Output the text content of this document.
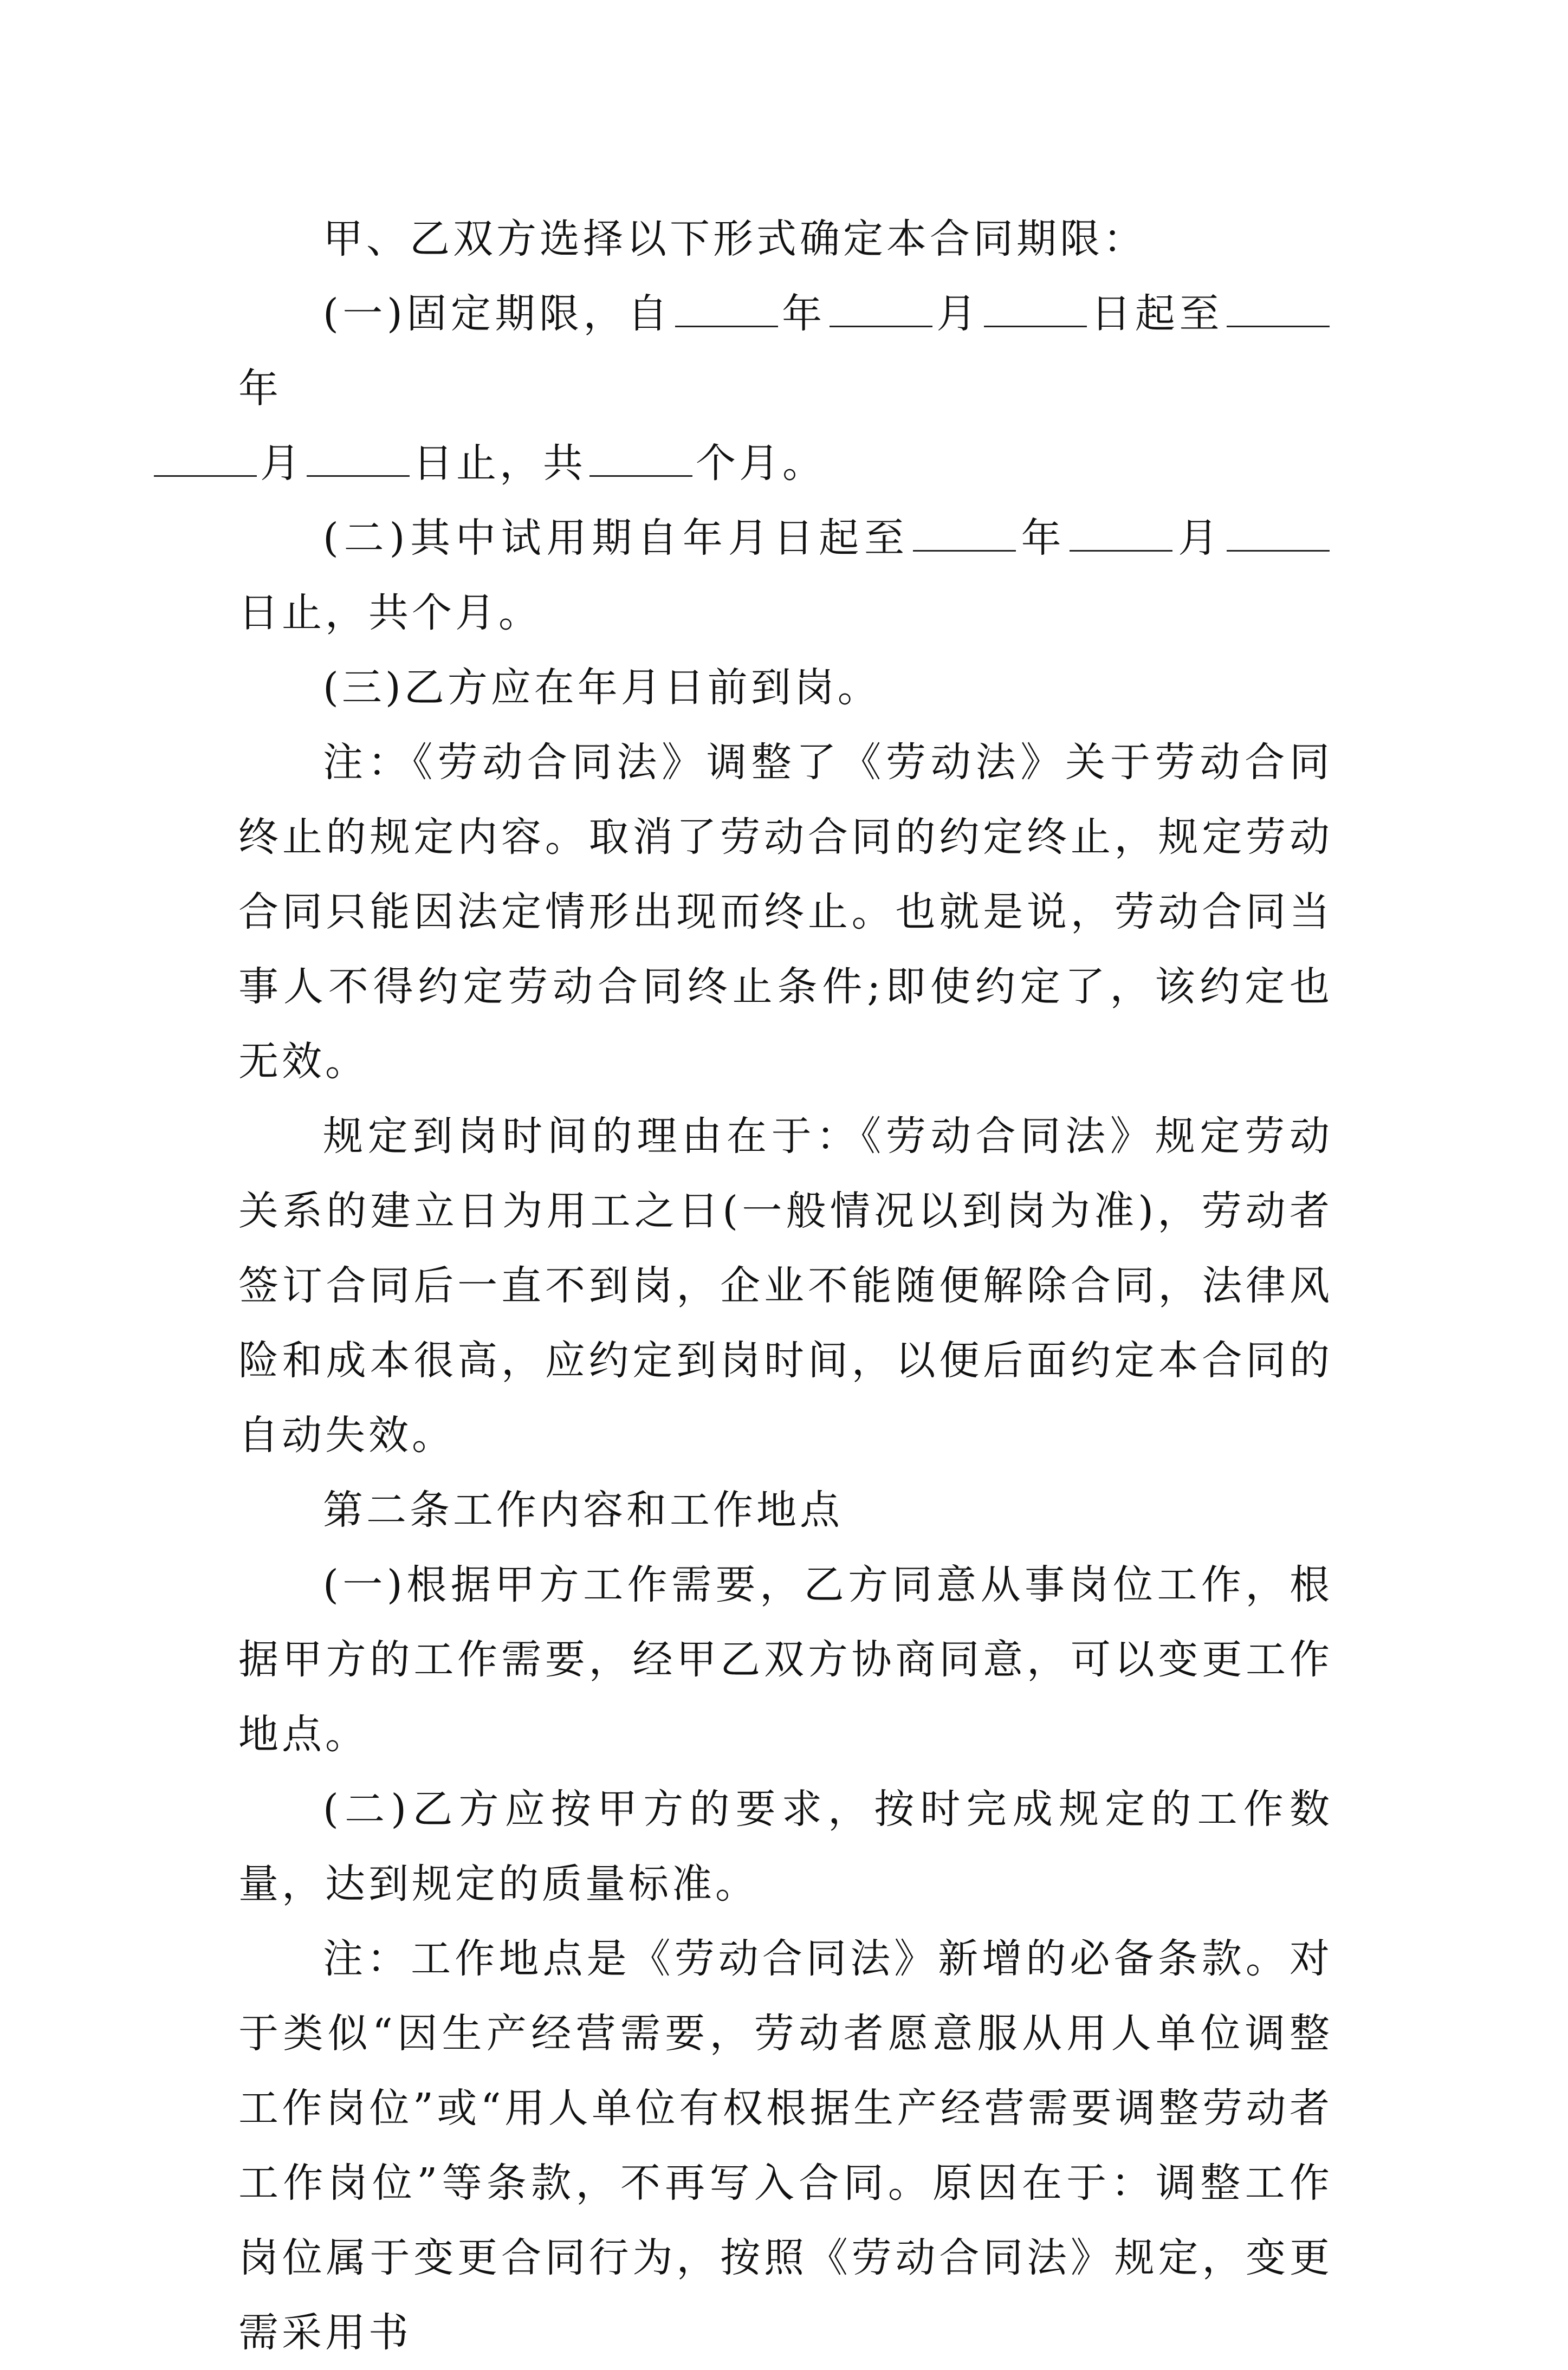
甲、乙双方选择以下形式确定本合同期限：

(一)固定期限，自	年	月	日起至年
月	日止，共	个月。

(二)其中试用期自年月日起至	年	月日止，共个月。

(三)乙方应在年月日前到岗。

注：《劳动合同法》调整了《劳动法》关于劳动合同终止的规定内容。取消了劳动合同的约定终止，规定劳动合同只能因法定情形出现而终止。也就是说，劳动合同当事人不得约定劳动合同终止条件;即使约定了，该约定也无效。

规定到岗时间的理由在于：《劳动合同法》规定劳动关系的建立日为用工之日(一般情况以到岗为准)，劳动者签订合同后一直不到岗，企业不能随便解除合同，法律风险和成本很高，应约定到岗时间，以便后面约定本合同的自动失效。

第二条工作内容和工作地点

(一)根据甲方工作需要，乙方同意从事岗位工作，根据甲方的工作需要，经甲乙双方协商同意，可以变更工作地点。

(二)乙方应按甲方的要求，按时完成规定的工作数量，达到规定的质量标准。

注：工作地点是《劳动合同法》新增的必备条款。对于类似“因生产经营需要，劳动者愿意服从用人单位调整工作岗位”或“用人单位有权根据生产经营需要调整劳动者工作岗位”等条款，不再写入合同。原因在于：调整工作岗位属于变更合同行为，按照《劳动合同法》规定，变更需采用书
